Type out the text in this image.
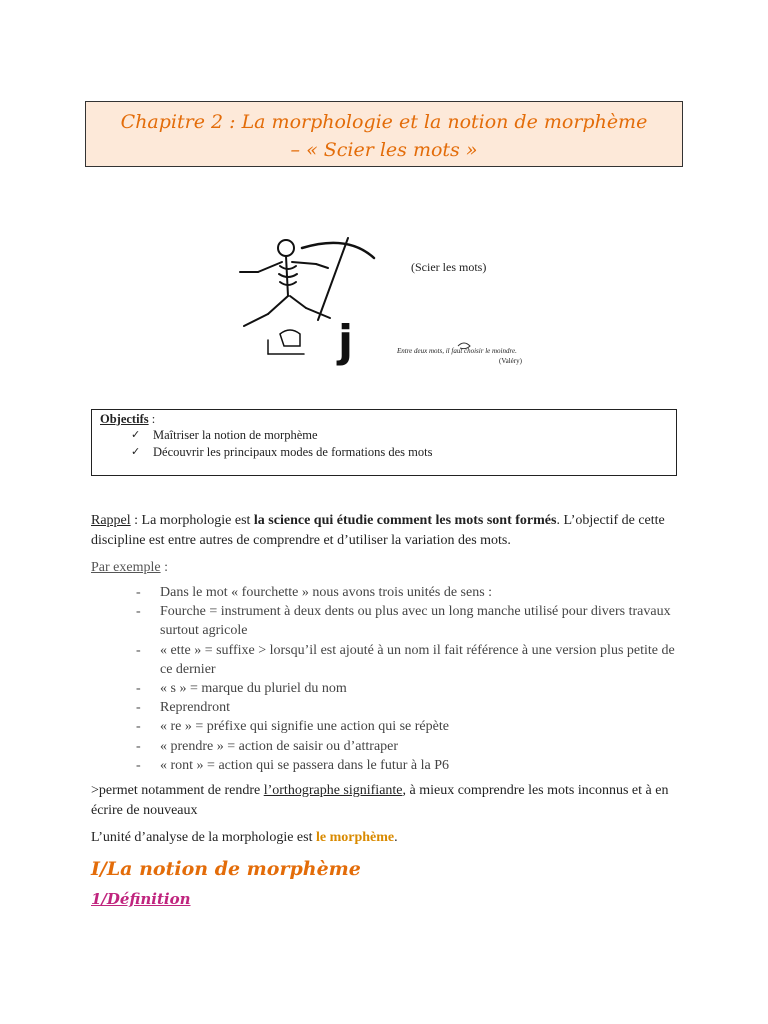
Chapitre 2 : La morphologie et la notion de morphème
– « Scier les mots »
j
(Scier les mots)
Entre deux mots, il faut choisir le moindre.
(Valéry)
Objectifs :
✓ Maîtriser la notion de morphème
✓ Découvrir les principaux modes de formations des mots
Rappel : La morphologie est la science qui étudie comment les mots sont formés. L’objectif de cette discipline est entre autres de comprendre et d’utiliser la variation des mots.
Par exemple :
- Dans le mot « fourchette » nous avons trois unités de sens :
- Fourche = instrument à deux dents ou plus avec un long manche utilisé pour divers travaux surtout agricole
- « ette » = suffixe > lorsqu’il est ajouté à un nom il fait référence à une version plus petite de ce dernier
- « s » = marque du pluriel du nom
- Reprendront
- « re » = préfixe qui signifie une action qui se répète
- « prendre » = action de saisir ou d’attraper
- « ront » = action qui se passera dans le futur à la P6
>permet notamment de rendre l’orthographe signifiante, à mieux comprendre les mots inconnus et à en écrire de nouveaux
L’unité d’analyse de la morphologie est le morphème.
I/La notion de morphème
1/Définition
